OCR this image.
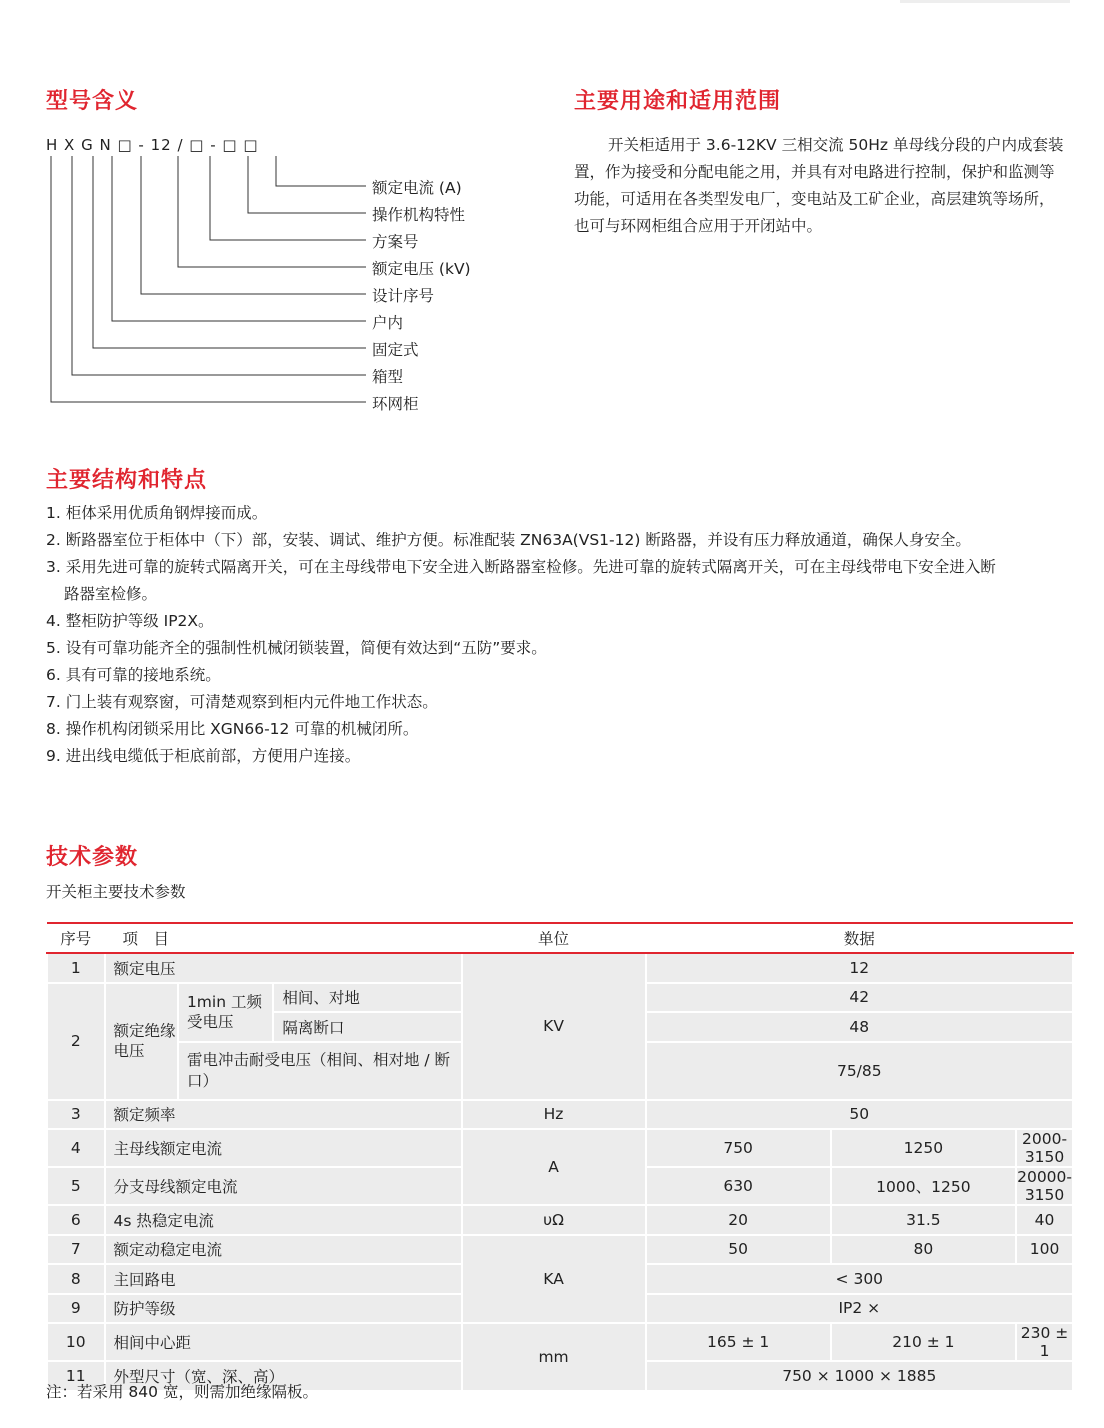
型号含义
H X G N □ - 12 / □ - □ □
额定电流 (A)
操作机构特性
方案号
额定电压 (kV)
设计序号
户内
固定式
箱型
环网柜
主要用途和适用范围
开关柜适用于 3.6-12KV 三相交流 50Hz 单母线分段的户内成套装置，作为接受和分配电能之用，并具有对电路进行控制，保护和监测等功能，可适用在各类型发电厂，变电站及工矿企业，高层建筑等场所，也可与环网柜组合应用于开闭站中。
主要结构和特点
1. 柜体采用优质角钢焊接而成。
2. 断路器室位于柜体中（下）部，安装、调试、维护方便。标准配装 ZN63A(VS1-12) 断路器，并设有压力释放通道，确保人身安全。
3. 采用先进可靠的旋转式隔离开关，可在主母线带电下安全进入断路器室检修。先进可靠的旋转式隔离开关，可在主母线带电下安全进入断
路器室检修。
4. 整柜防护等级 IP2X。
5. 设有可靠功能齐全的强制性机械闭锁装置，简便有效达到“五防”要求。
6. 具有可靠的接地系统。
7. 门上装有观察窗，可清楚观察到柜内元件地工作状态。
8. 操作机构闭锁采用比 XGN66-12 可靠的机械闭所。
9. 进出线电缆低于柜底前部，方便用户连接。
技术参数
开关柜主要技术参数
序号	项　目			单位	数据		
1	额定电压			KV	12		
2	额定绝缘电压	1min 工频受电压	相间、对地		42		
			隔离断口		48		
		雷电冲击耐受电压（相间、相对地 / 断口）			75/85		
3	额定频率			Hz	50		
4	主母线额定电流			A	750	1250	2000-3150
5	分支母线额定电流				630	1000、1250	20000-3150
6	4s 热稳定电流			υΩ	20	31.5	40
7	额定动稳定电流			KA	50	80	100
8	主回路电				< 300		
9	防护等级				IP2 ×		
10	相间中心距			mm	165 ± 1	210 ± 1	230 ± 1
11	外型尺寸（宽、深、高）				750 × 1000 × 1885		
注：若采用 840 宽，则需加绝缘隔板。
